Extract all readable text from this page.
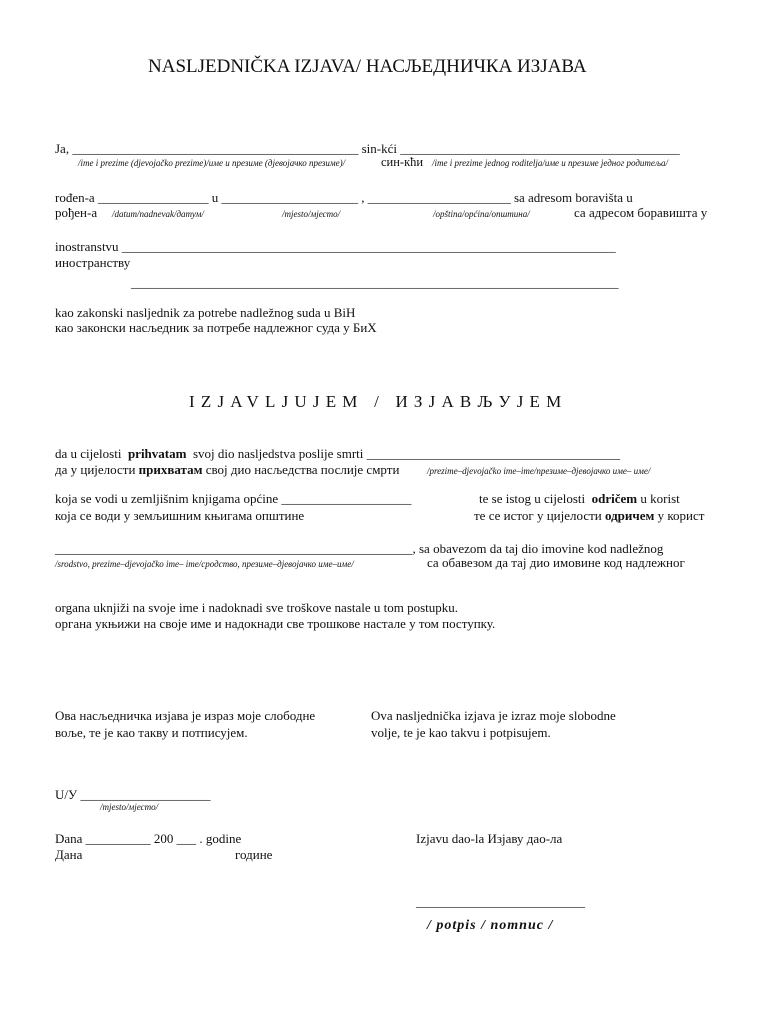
NASLJEDNIČKA IZJAVA/ НАСЉЕДНИЧКА ИЗЈАВА
Ja, ____________________________________________ sin-kći ___________________________________________
/ime i prezime (djevojačko prezime)/име и презиме (дјевојачко презиме)/	син-кћи /ime i prezime jednog roditelja/име и презиме једног родитеља/
rođen-a _________________ u _____________________ , ______________________ sa adresom boravišta u
рођен-а /datum/nadnevak/датум/	/mjesto/мјесто/	/opština/općina/општина/	са адресом боравишта у
inostranstvu ____________________________________________________________________________
иностранству
___________________________________________________________________________
kao zakonski nasljednik za potrebe nadležnog suda u BiH
као законски насљедник за потребе надлежног суда у БиХ
IZJAVLJUJEM / ИЗЈАВЉУЈЕМ
da u cijelosti prihvatam svoj dio nasljedstva poslije smrti _______________________________________
да у цијелости прихватам свој дио насљедства послије смрти	/prezime–djevojačko ime–ime/презиме–дјевојачко име– име/
koja se vodi u zemljišnim knjigama općine ____________________	te se istog u cijelosti odričem u korist
која се води у земљишним књигама општине	те се истог у цијелости одричем у корист
_______________________________________________________, sa obavezom da taj dio imovine kod nadležnog
/srodstvo, prezime–djevojačko ime– ime/сродство, презиме–дјевојачко име–име/	са обавезом да тај дио имовине код надлежног
organa uknjiži na svoje ime i nadoknadi sve troškove nastale u tom postupku.
органа укњижи на своје име и надокнади све трошкове настале у том поступку.
Ова насљедничка изјава је израз моје слободне
воље, те је као такву и потписујем.
Ova nasljednička izjava je izraz moje slobodne
volje, te je kao takvu i potpisujem.
U/У ____________________
/mjesto/мјесто/
Dana __________ 200 ___ . godine
Дана	године
Izjavu dao-la Изјаву дао-ла
__________________________
/ potpis / потпис /
